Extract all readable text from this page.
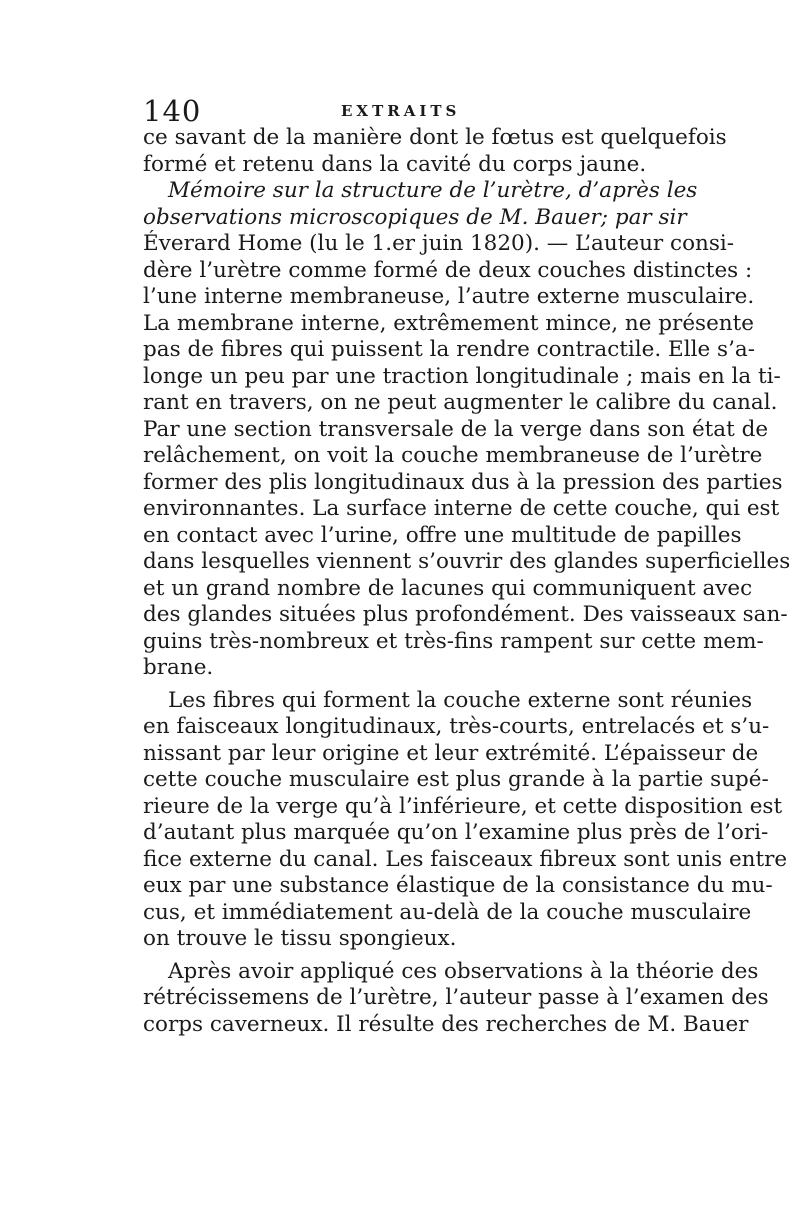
140	EXTRAITS
ce savant de la manière dont le fœtus est quelquefois
formé et retenu dans la cavité du corps jaune.
Mémoire sur la structure de l’urètre, d’après les
observations microscopiques de M. Bauer; par sir
Éverard Home (lu le 1.er juin 1820). — L’auteur consi-
dère l’urètre comme formé de deux couches distinctes :
l’une interne membraneuse, l’autre externe musculaire.
La membrane interne, extrêmement mince, ne présente
pas de fibres qui puissent la rendre contractile. Elle s’a-
longe un peu par une traction longitudinale ; mais en la ti-
rant en travers, on ne peut augmenter le calibre du canal.
Par une section transversale de la verge dans son état de
relâchement, on voit la couche membraneuse de l’urètre
former des plis longitudinaux dus à la pression des parties
environnantes. La surface interne de cette couche, qui est
en contact avec l’urine, offre une multitude de papilles
dans lesquelles viennent s’ouvrir des glandes superficielles
et un grand nombre de lacunes qui communiquent avec
des glandes situées plus profondément. Des vaisseaux san-
guins très-nombreux et très-fins rampent sur cette mem-
brane.
Les fibres qui forment la couche externe sont réunies
en faisceaux longitudinaux, très-courts, entrelacés et s’u-
nissant par leur origine et leur extrémité. L’épaisseur de
cette couche musculaire est plus grande à la partie supé-
rieure de la verge qu’à l’inférieure, et cette disposition est
d’autant plus marquée qu’on l’examine plus près de l’ori-
fice externe du canal. Les faisceaux fibreux sont unis entre
eux par une substance élastique de la consistance du mu-
cus, et immédiatement au-delà de la couche musculaire
on trouve le tissu spongieux.
Après avoir appliqué ces observations à la théorie des
rétrécissemens de l’urètre, l’auteur passe à l’examen des
corps caverneux. Il résulte des recherches de M. Bauer
